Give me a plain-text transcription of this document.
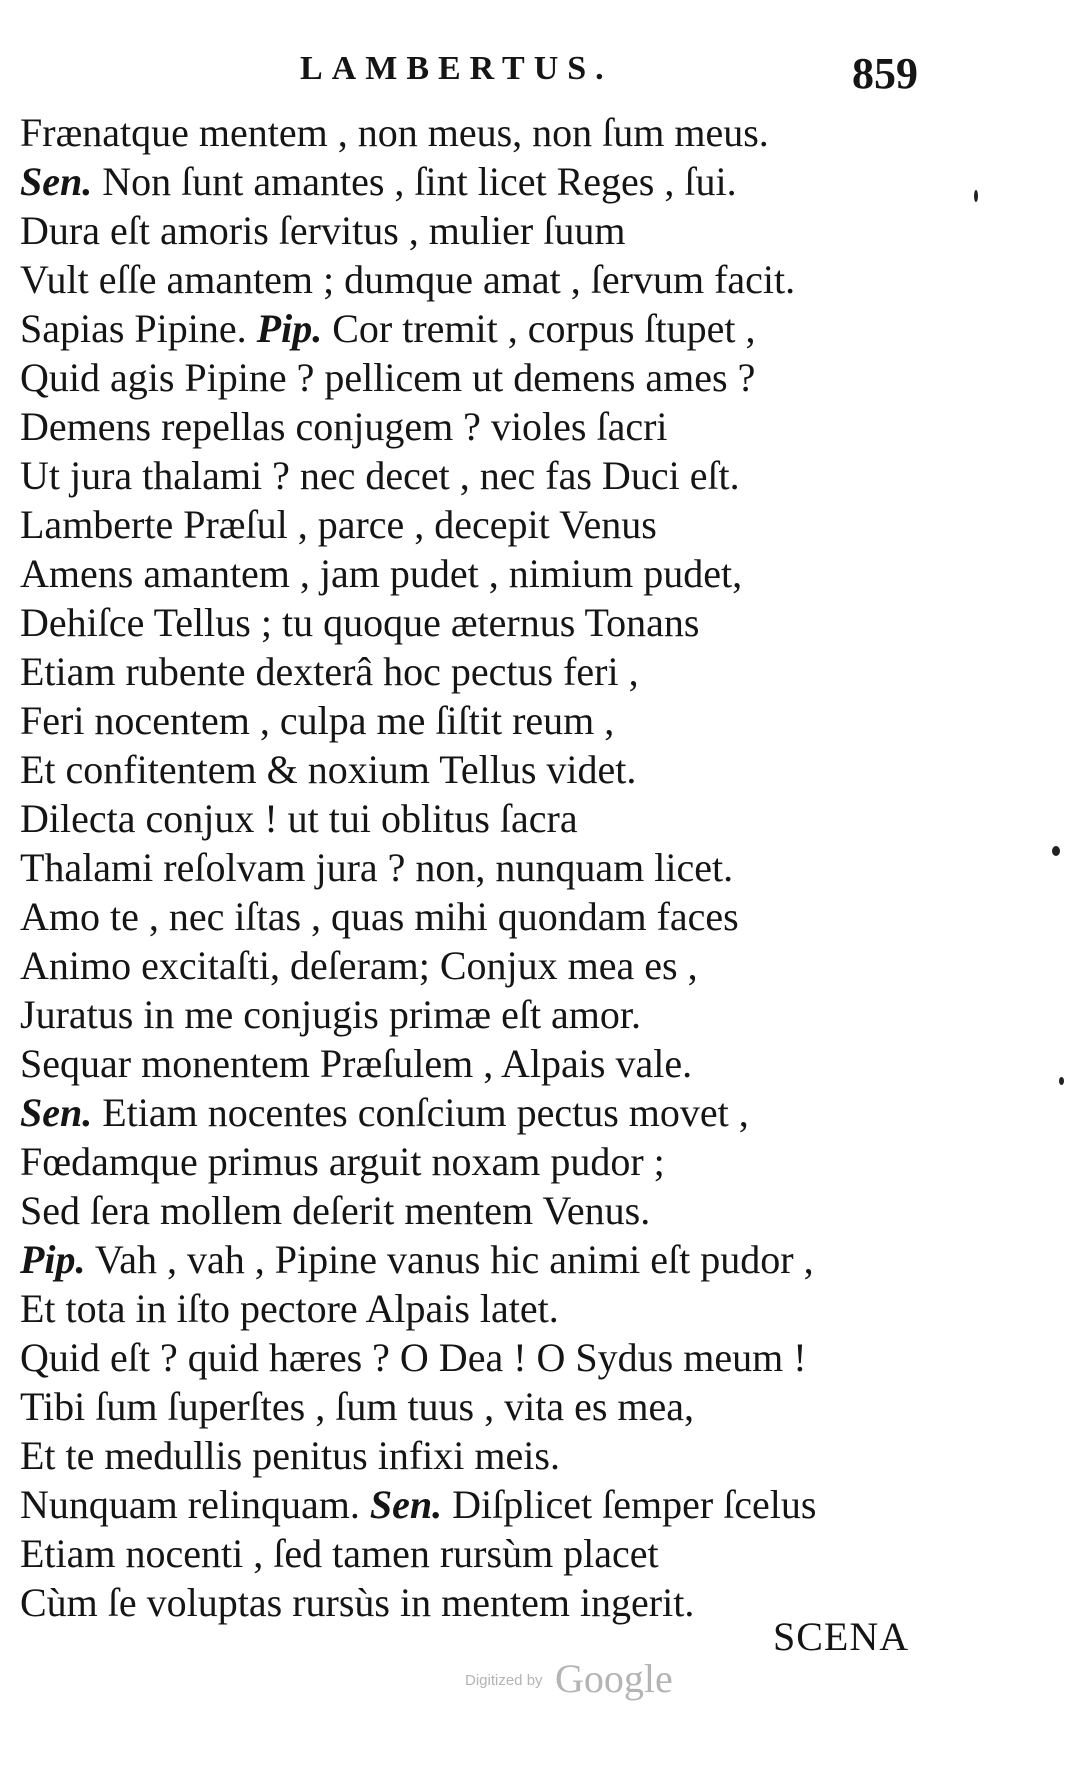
LAMBERTUS.	859
Frænatque mentem , non meus, non ſum meus.
Sen. Non ſunt amantes , ſint licet Reges , ſui.
Dura eſt amoris ſervitus , mulier ſuum
Vult eſſe amantem ; dumque amat , ſervum facit.
Sapias Pipine. Pip. Cor tremit , corpus ſtupet ,
Quid agis Pipine ? pellicem ut demens ames ?
Demens repellas conjugem ? violes ſacri
Ut jura thalami ? nec decet , nec fas Duci eſt.
Lamberte Præſul , parce , decepit Venus
Amens amantem , jam pudet , nimium pudet,
Dehiſce Tellus ; tu quoque æternus Tonans
Etiam rubente dexterâ hoc pectus feri ,
Feri nocentem , culpa me ſiſtit reum ,
Et confitentem & noxium Tellus videt.
Dilecta conjux ! ut tui oblitus ſacra
Thalami reſolvam jura ? non, nunquam licet.
Amo te , nec iſtas , quas mihi quondam faces
Animo excitaſti, deſeram; Conjux mea es ,
Juratus in me conjugis primæ eſt amor.
Sequar monentem Præſulem , Alpais vale.
Sen. Etiam nocentes conſcium pectus movet ,
Fœdamque primus arguit noxam pudor ;
Sed ſera mollem deſerit mentem Venus.
Pip. Vah , vah , Pipine vanus hic animi eſt pudor ,
Et tota in iſto pectore Alpais latet.
Quid eſt ? quid hæres ? O Dea ! O Sydus meum !
Tibi ſum ſuperſtes , ſum tuus , vita es mea,
Et te medullis penitus infixi meis.
Nunquam relinquam. Sen. Diſplicet ſemper ſcelus
Etiam nocenti , ſed tamen rursùm placet
Cùm ſe voluptas rursùs in mentem ingerit.
SCENA
Digitized by Google
